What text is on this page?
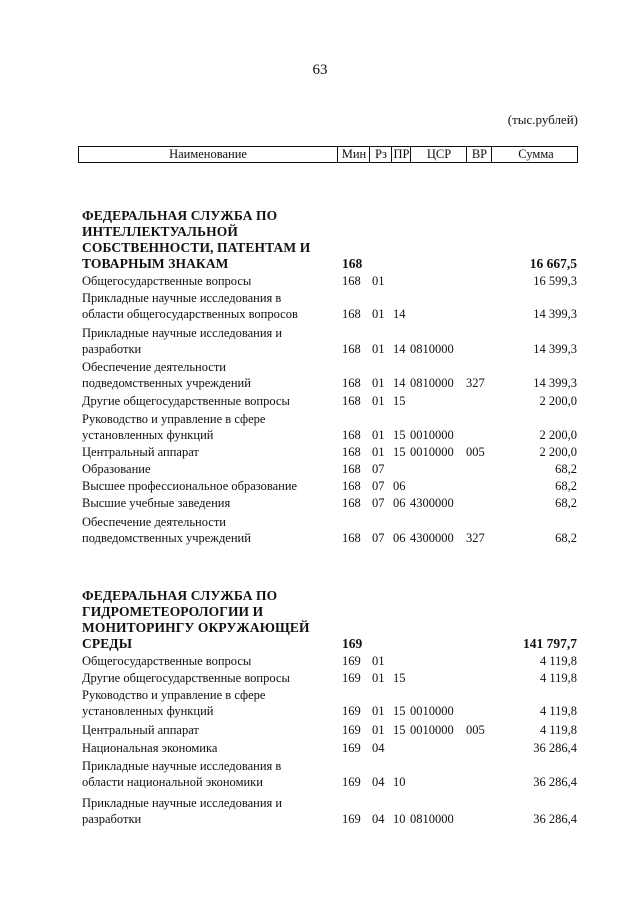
63
(тыс.рублей)
Наименование	Мин Рз ПР	ЦСР	ВР	Сумма
ФЕДЕРАЛЬНАЯ СЛУЖБА ПО
ИНТЕЛЛЕКТУАЛЬНОЙ
СОБСТВЕННОСТИ, ПАТЕНТАМ И
ТОВАРНЫМ ЗНАКАМ	168	16 667,5
Общегосударственные вопросы	168 01	16 599,3
Прикладные научные исследования в
области общегосударственных вопросов	168 01 14	14 399,3
Прикладные научные исследования и
разработки	168 01 14 0810000	14 399,3
Обеспечение деятельности
подведомственных учреждений	168 01 14 0810000 327	14 399,3
Другие общегосударственные вопросы	168 01 15	2 200,0
Руководство и управление в сфере
установленных функций	168 01 15 0010000	2 200,0
Центральный аппарат	168 01 15 0010000 005	2 200,0
Образование	168 07	68,2
Высшее профессиональное образование	168 07 06	68,2
Высшие учебные заведения	168 07 06 4300000	68,2
Обеспечение деятельности
подведомственных учреждений	168 07 06 4300000 327	68,2
ФЕДЕРАЛЬНАЯ СЛУЖБА ПО
ГИДРОМЕТЕОРОЛОГИИ И
МОНИТОРИНГУ ОКРУЖАЮЩЕЙ
СРЕДЫ	169	141 797,7
Общегосударственные вопросы	169 01	4 119,8
Другие общегосударственные вопросы	169 01 15	4 119,8
Руководство и управление в сфере
установленных функций	169 01 15 0010000	4 119,8
Центральный аппарат	169 01 15 0010000 005	4 119,8
Национальная экономика	169 04	36 286,4
Прикладные научные исследования в
области национальной экономики	169 04 10	36 286,4
Прикладные научные исследования и
разработки	169 04 10 0810000	36 286,4
